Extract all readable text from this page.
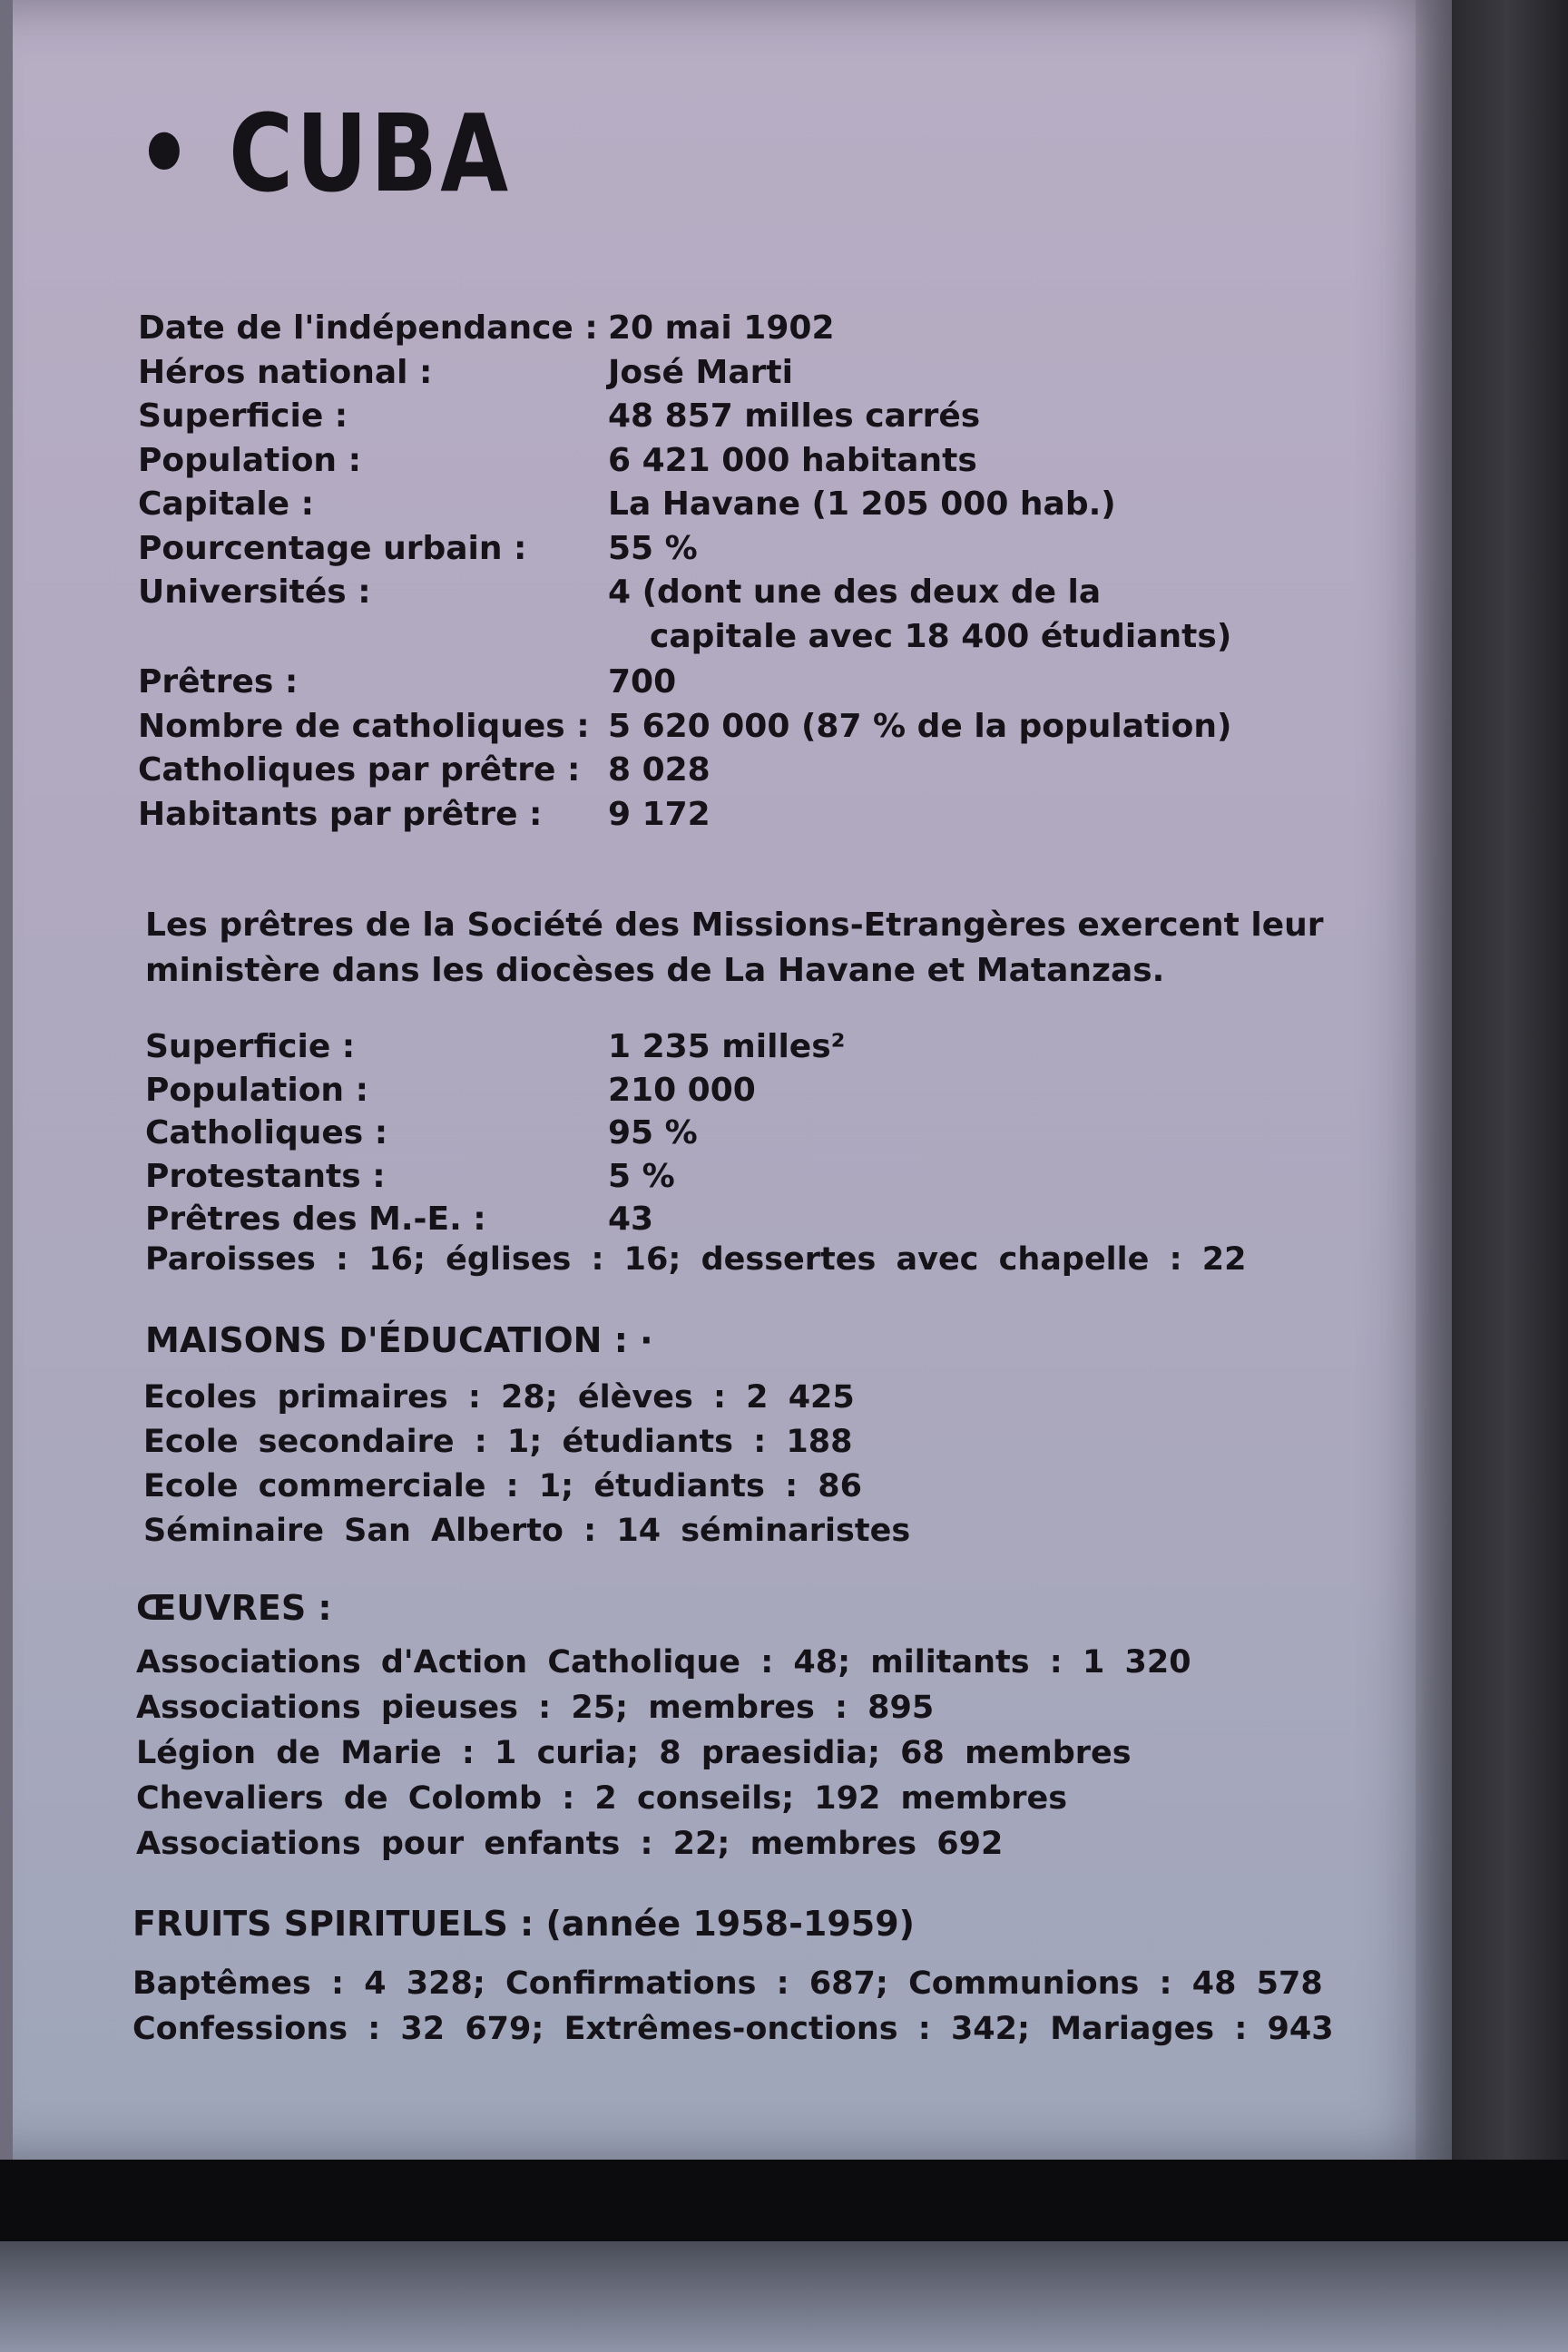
• CUBA
Date de l'indépendance : 20 mai 1902
Héros national :	José Marti
Superficie :	48 857 milles carrés
Population :	6 421 000 habitants
Capitale :	La Havane (1 205 000 hab.)
Pourcentage urbain : 55 %
Universités :	4 (dont une des deux de la
capitale avec 18 400 étudiants)
Prêtres :	700
Nombre de catholiques : 5 620 000 (87 % de la population)
Catholiques par prêtre : 8 028
Habitants par prêtre : 9 172
Les prêtres de la Société des Missions-Etrangères exercent leur
ministère dans les diocèses de La Havane et Matanzas.
Superficie :	1 235 milles²
Population :	210 000
Catholiques :	95 %
Protestants :	5 %
Prêtres des M.-E. :	43
Paroisses : 16; églises : 16; dessertes avec chapelle : 22
MAISONS D'ÉDUCATION : ·
Ecoles primaires : 28; élèves : 2 425
Ecole secondaire : 1; étudiants : 188
Ecole commerciale : 1; étudiants : 86
Séminaire San Alberto : 14 séminaristes
ŒUVRES :
Associations d'Action Catholique : 48; militants : 1 320
Associations pieuses : 25; membres : 895
Légion de Marie : 1 curia; 8 praesidia; 68 membres
Chevaliers de Colomb : 2 conseils; 192 membres
Associations pour enfants : 22; membres 692
FRUITS SPIRITUELS : (année 1958-1959)
Baptêmes : 4 328; Confirmations : 687; Communions : 48 578
Confessions : 32 679; Extrêmes-onctions : 342; Mariages : 943
